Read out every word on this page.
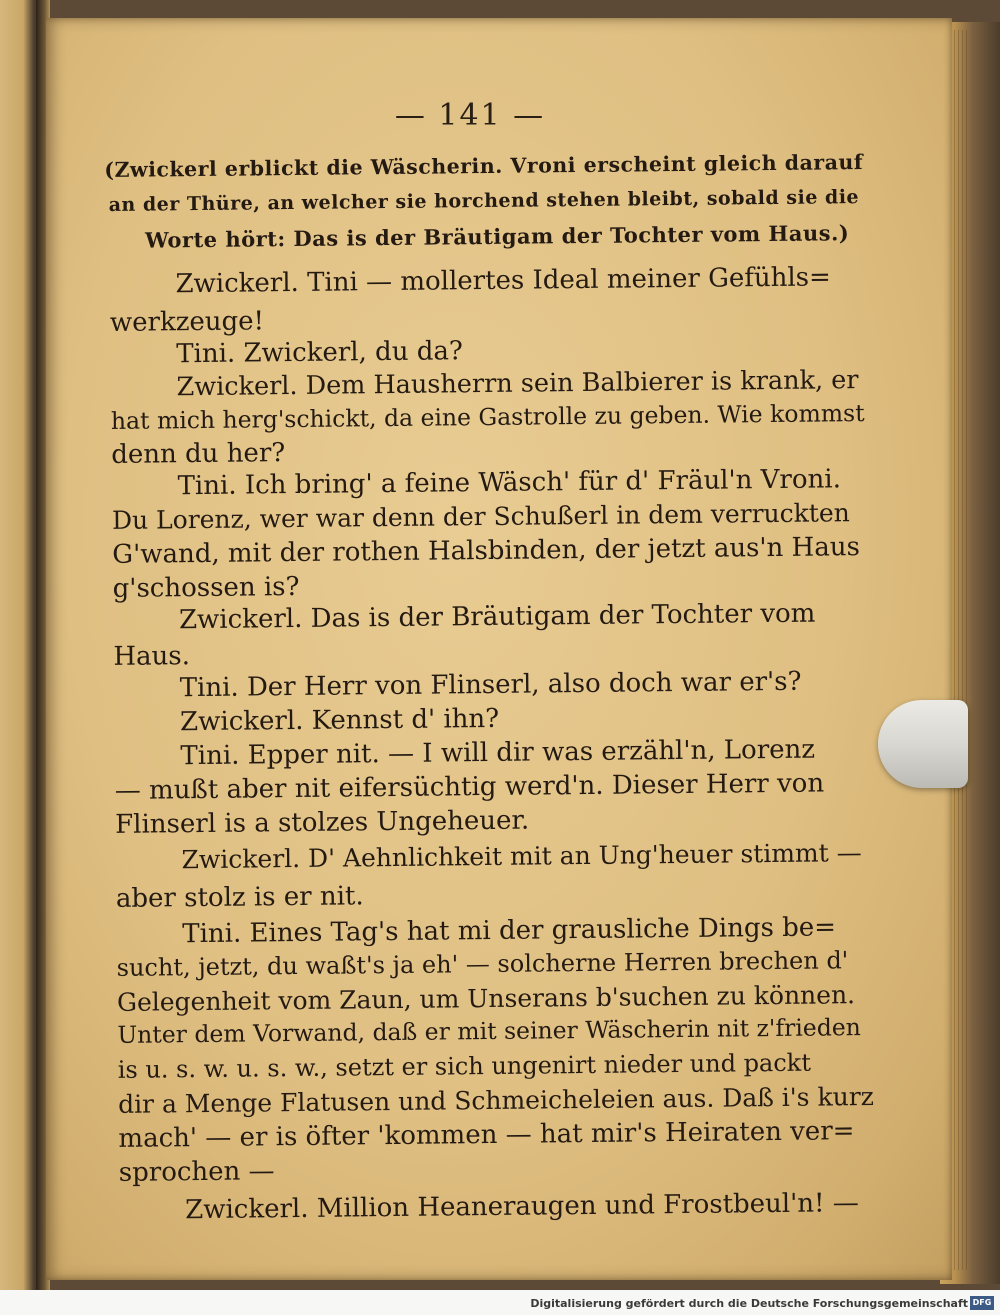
— 141 —
(Zwickerl erblickt die Wäscherin. Vroni erscheint gleich darauf
an der Thüre, an welcher sie horchend stehen bleibt, sobald sie die
Worte hört: Das is der Bräutigam der Tochter vom Haus.)
Zwickerl. Tini — mollertes Ideal meiner Gefühls=
werkzeuge!
Tini. Zwickerl, du da?
Zwickerl. Dem Hausherrn sein Balbierer is krank, er
hat mich herg'schickt, da eine Gastrolle zu geben. Wie kommst
denn du her?
Tini. Ich bring' a feine Wäsch' für d' Fräul'n Vroni.
Du Lorenz, wer war denn der Schußerl in dem verruckten
G'wand, mit der rothen Halsbinden, der jetzt aus'n Haus
g'schossen is?
Zwickerl. Das is der Bräutigam der Tochter vom
Haus.
Tini. Der Herr von Flinserl, also doch war er's?
Zwickerl. Kennst d' ihn?
Tini. Epper nit. — I will dir was erzähl'n, Lorenz
— mußt aber nit eifersüchtig werd'n. Dieser Herr von
Flinserl is a stolzes Ungeheuer.
Zwickerl. D' Aehnlichkeit mit an Ung'heuer stimmt —
aber stolz is er nit.
Tini. Eines Tag's hat mi der grausliche Dings be=
sucht, jetzt, du waßt's ja eh' — solcherne Herren brechen d'
Gelegenheit vom Zaun, um Unserans b'suchen zu können.
Unter dem Vorwand, daß er mit seiner Wäscherin nit z'frieden
is u. s. w. u. s. w., setzt er sich ungenirt nieder und packt
dir a Menge Flatusen und Schmeicheleien aus. Daß i's kurz
mach' — er is öfter 'kommen — hat mir's Heiraten ver=
sprochen —
Zwickerl. Million Heaneraugen und Frostbeul'n! —
Digitalisierung gefördert durch die Deutsche Forschungsgemeinschaft DFG
